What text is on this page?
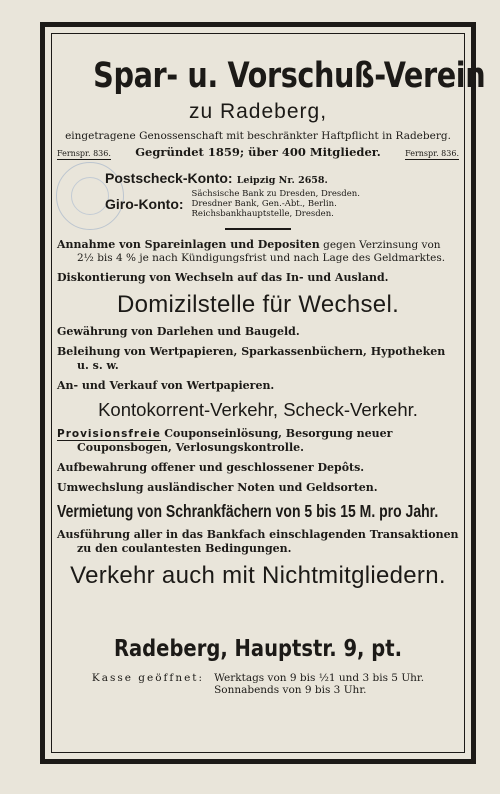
Spar- u. Vorschuß-Verein
zu Radeberg,
eingetragene Genossenschaft mit beschränkter Haftpflicht in Radeberg.
Fernspr. 836. Gegründet 1859; über 400 Mitglieder.	Fernspr. 836.
Postscheck-Konto: Leipzig Nr. 2658.
Giro-Konto:
Sächsische Bank zu Dresden, Dresden.
Dresdner Bank, Gen.-Abt., Berlin.
Reichsbankhauptstelle, Dresden.
Annahme von Spareinlagen und Depositen gegen Verzinsung von 2½ bis 4 % je nach Kündigungsfrist und nach Lage des Geldmarktes.
Diskontierung von Wechseln auf das In- und Ausland.
Domizilstelle für Wechsel.
Gewährung von Darlehen und Baugeld.
Beleihung von Wertpapieren, Sparkassenbüchern, Hypotheken u. s. w.
An- und Verkauf von Wertpapieren.
Kontokorrent-Verkehr, Scheck-Verkehr.
Provisionsfreie Couponseinlösung, Besorgung neuer Couponsbogen, Verlosungskontrolle.
Aufbewahrung offener und geschlossener Depôts.
Umwechslung ausländischer Noten und Geldsorten.
Vermietung von Schrankfächern von 5 bis 15 M. pro Jahr.
Ausführung aller in das Bankfach einschlagenden Transaktionen zu den coulantesten Bedingungen.
Verkehr auch mit Nichtmitgliedern.
Radeberg, Hauptstr. 9, pt.
Kasse geöffnet: Werktags von 9 bis ½1 und 3 bis 5 Uhr.
Sonnabends von 9 bis 3 Uhr.
